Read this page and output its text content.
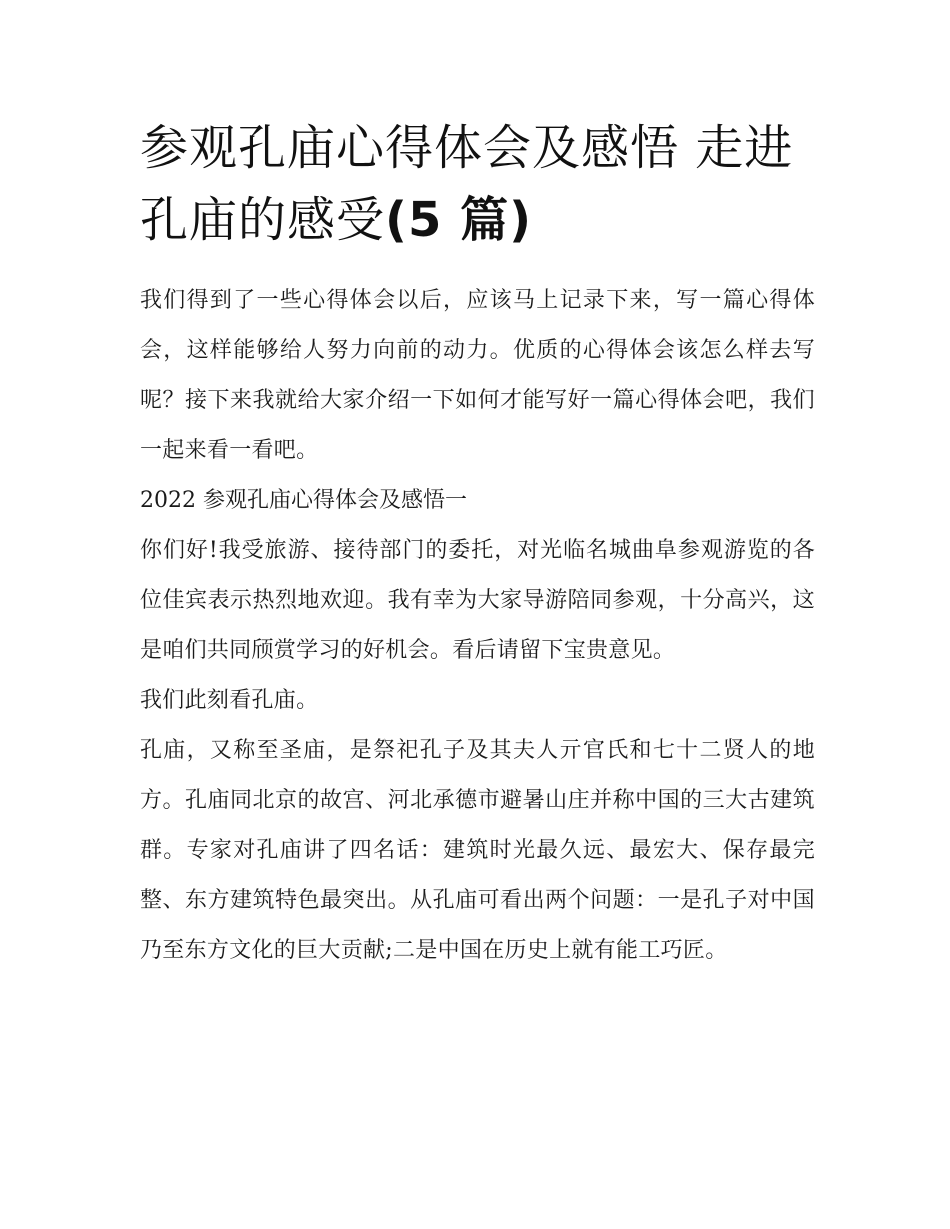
参观孔庙心得体会及感悟 走进孔庙的感受(5 篇)

我们得到了一些心得体会以后，应该马上记录下来，写一篇心得体会，这样能够给人努力向前的动力。优质的心得体会该怎么样去写呢？接下来我就给大家介绍一下如何才能写好一篇心得体会吧，我们一起来看一看吧。

2022 参观孔庙心得体会及感悟一

你们好!我受旅游、接待部门的委托，对光临名城曲阜参观游览的各位佳宾表示热烈地欢迎。我有幸为大家导游陪同参观，十分高兴，这是咱们共同颀赏学习的好机会。看后请留下宝贵意见。

我们此刻看孔庙。

孔庙，又称至圣庙，是祭祀孔子及其夫人亓官氏和七十二贤人的地方。孔庙同北京的故宫、河北承德市避暑山庄并称中国的三大古建筑群。专家对孔庙讲了四名话：建筑时光最久远、最宏大、保存最完整、东方建筑特色最突出。从孔庙可看出两个问题：一是孔子对中国乃至东方文化的巨大贡献;二是中国在历史上就有能工巧匠。
